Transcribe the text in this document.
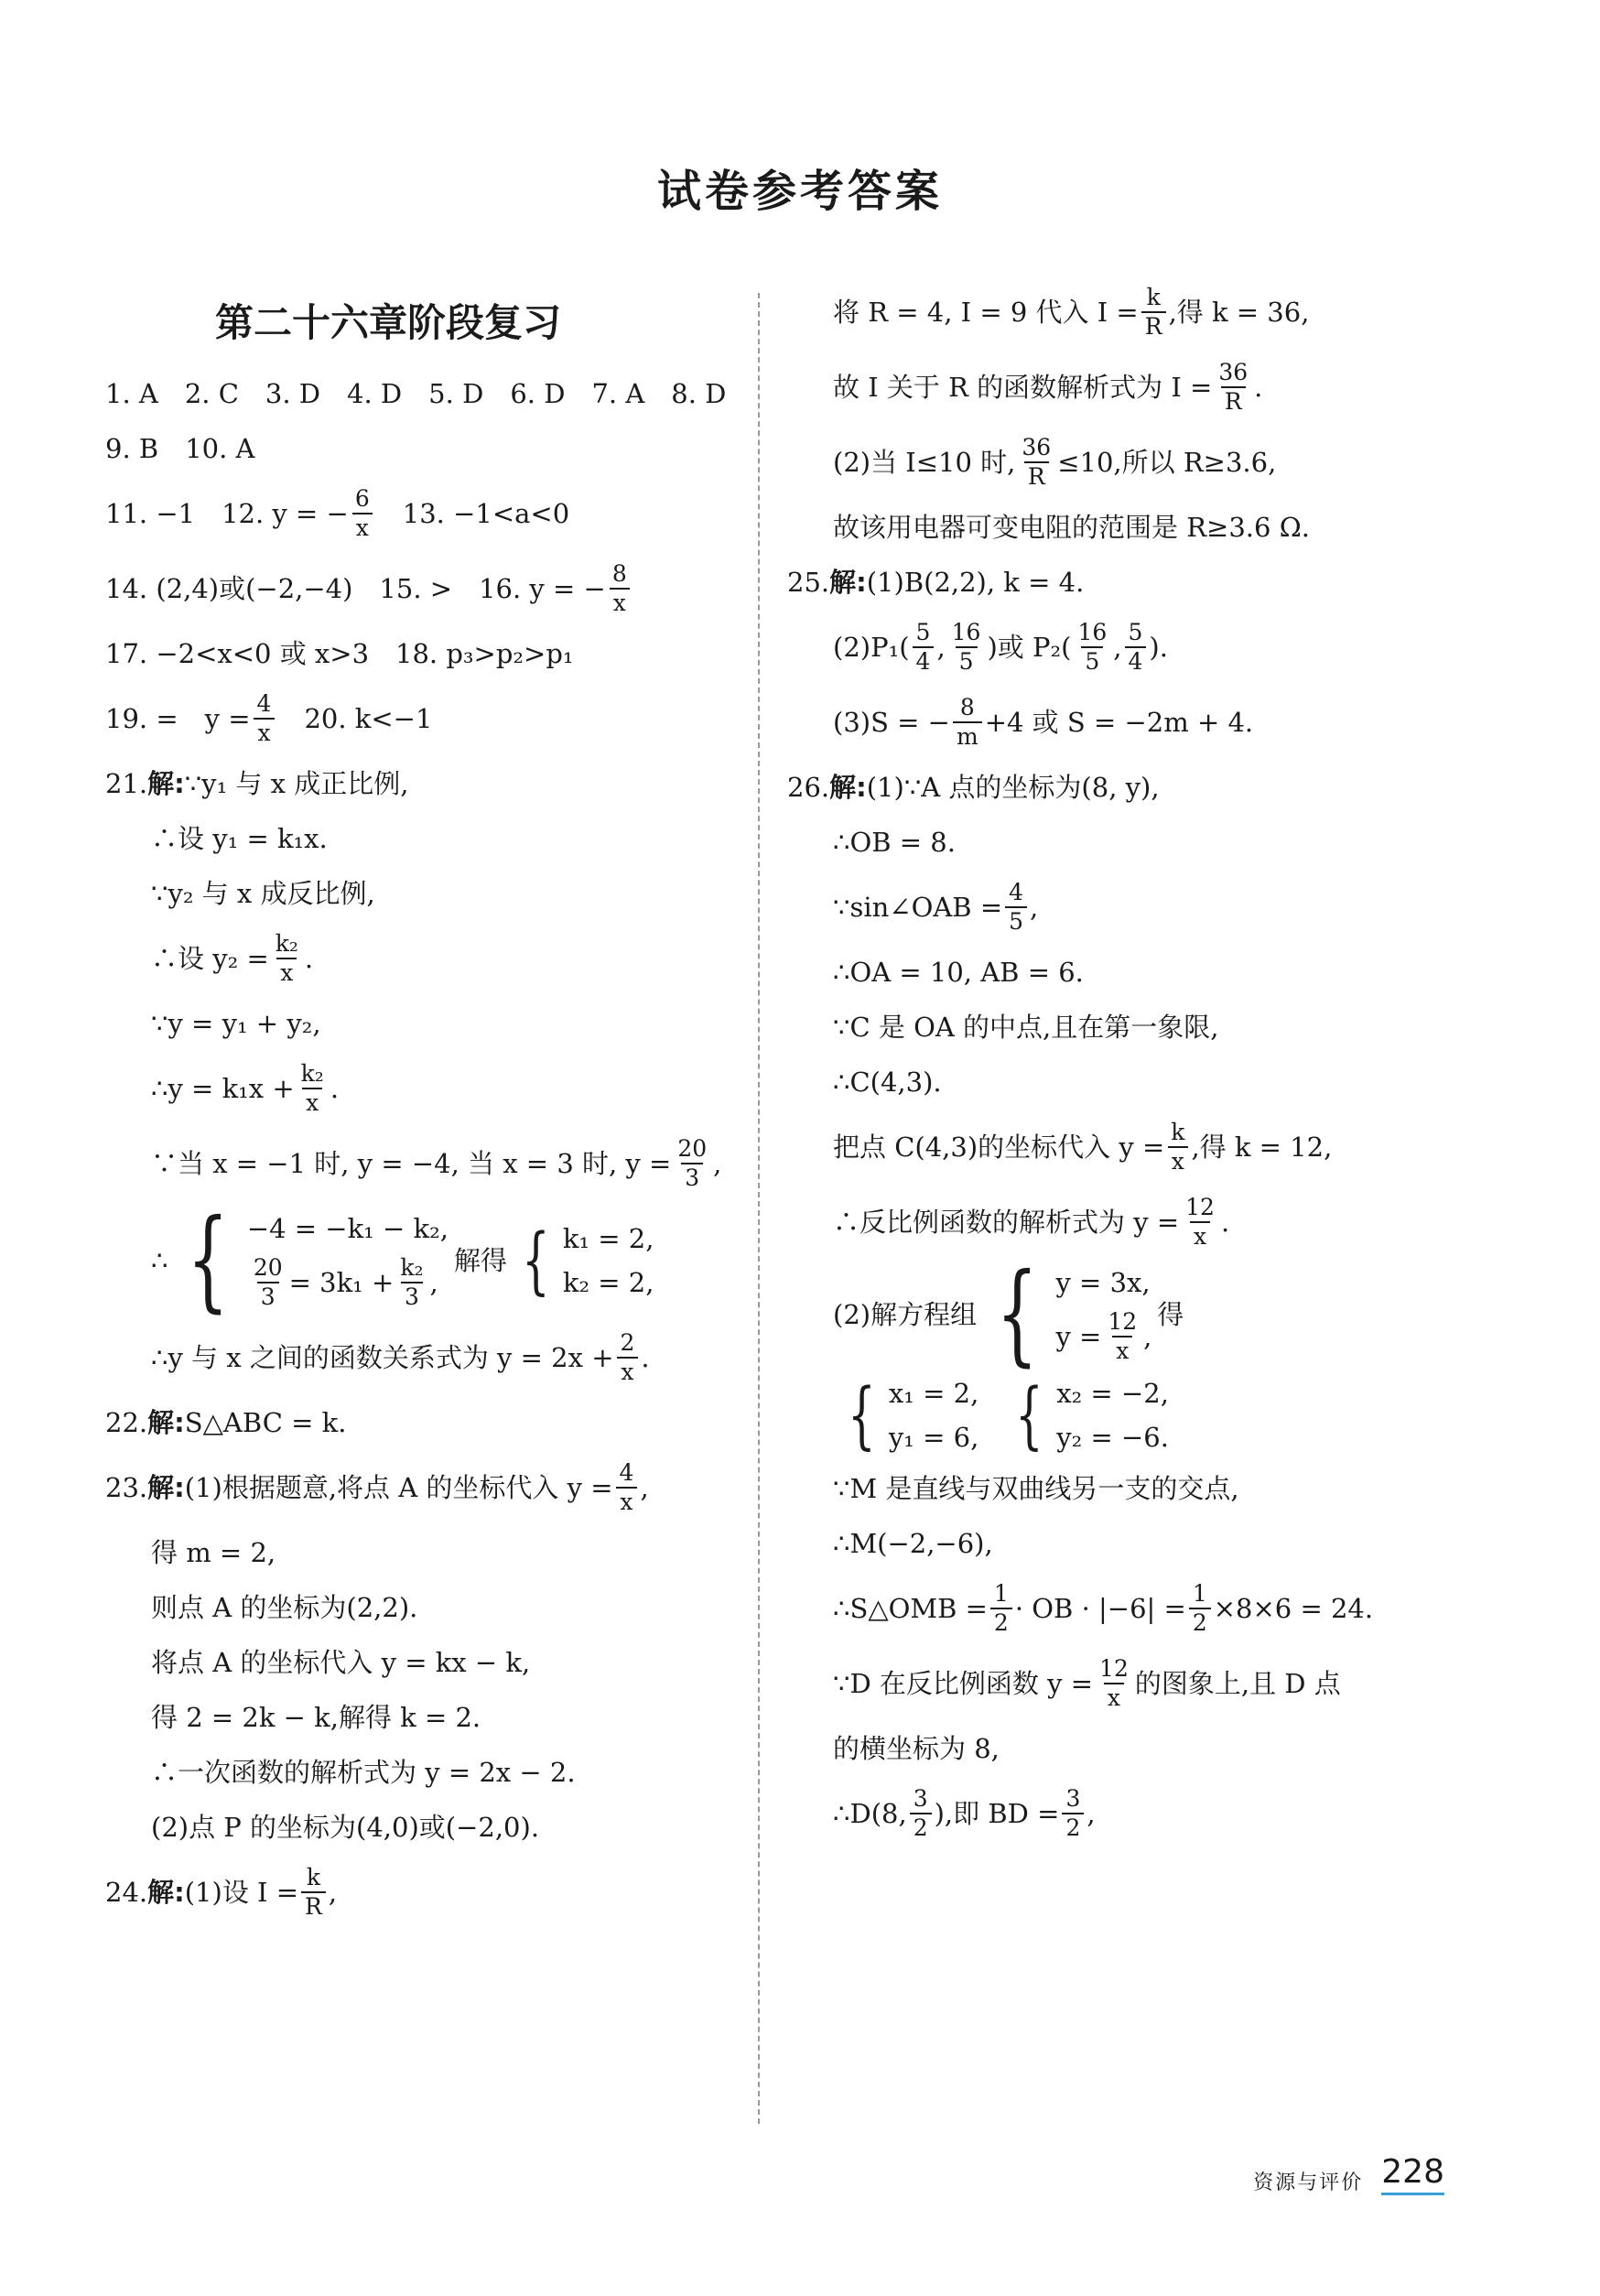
试卷参考答案
第二十六章阶段复习
1. A　2. C　3. D　4. D　5. D　6. D　7. A　8. D
9. B　10. A
11. −1　12. y = − $\frac{6}{x}$ 　13. −1<a<0
14. (2,4)或(−2,−4)　15. >　16. y = − $\frac{8}{x}$
17. −2<x<0 或 x>3　18. p₃>p₂>p₁
19. =　$y = \frac{4}{x}$ 　20. k<−1
21. 解: ∵y₁ 与 x 成正比例,
∴设 y₁ = k₁x.
∵y₂ 与 x 成反比例,
∴设 $y_2 = \frac{\text{k₂}}{x}$ .
∵y = y₁ + y₂,
∴y = $k_1x + \frac{\text{k₂}}{x}$ .
∵当 x = −1 时, y = −4, 当 x = 3 时, $y = \frac{20}{3}$ ,
∴ { −4 = −k₁ − k₂,
$\frac{20}{3} = 3k_1 + \frac{\text{k₂}}{3}$ ,
解得 { k₁ = 2,
k₂ = 2,
∴y 与 x 之间的函数关系式为 $y = 2x + \frac{2}{x}$ .
22. 解: S△ABC = k.
23. 解: (1)根据题意,将点 A 的坐标代入 $y = \frac{4}{x}$ ,
得 m = 2,
则点 A 的坐标为(2,2).
将点 A 的坐标代入 y = kx − k,
得 2 = 2k − k,解得 k = 2.
∴一次函数的解析式为 y = 2x − 2.
(2)点 P 的坐标为(4,0)或(−2,0).
24. 解: (1)设 $I = \frac{k}{R}$ ,
将 R = 4, I = 9 代入 $I = \frac{k}{R}$ ,得 k = 36,
故 I 关于 R 的函数解析式为 $I = \frac{36}{R}$ .
(2)当 I≤10 时, $\frac{36}{R} \le 10$,所以 R≥3.6,
故该用电器可变电阻的范围是 R≥3.6 Ω.
25. 解: (1)B(2,2), k = 4.
$(2)P_1( \frac{5}{4}$ , $\frac{16}{5}$ )或 $P_2( \frac{16}{5}$ , $\frac{5}{4}$ ).
(3)S = − $\frac{8}{m} +4$ 或 S = −2m + 4.
26. 解: (1)∵A 点的坐标为(8, y),
∴OB = 8.
∵sin∠OAB = $\frac{4}{5}$ ,
∴OA = 10, AB = 6.
∵C 是 OA 的中点,且在第一象限,
∴C(4,3).
把点 C(4,3)的坐标代入 $y = \frac{k}{x}$ ,得 k = 12,
∴反比例函数的解析式为 $y = \frac{12}{x}$ .
(2)解方程组 { y = 3x,
$y = \frac{12}{x}$ ,
得
{ x₁ = 2,
y₁ = 6, { x₂ = −2,
y₂ = −6.
∵M 是直线与双曲线另一支的交点,
∴M(−2,−6),
∴S△OMB = $\frac{1}{2}$ · OB · $|-6| = \frac{1}{2} \times 8\times 6 = 24$.
∵D 在反比例函数 $y = \frac{12}{x}$ 的图象上,且 D 点
的横坐标为 8,
∴D(8, $\frac{3}{2}$ ),即 BD = $\frac{3}{2}$ ,
资源与评价 228
